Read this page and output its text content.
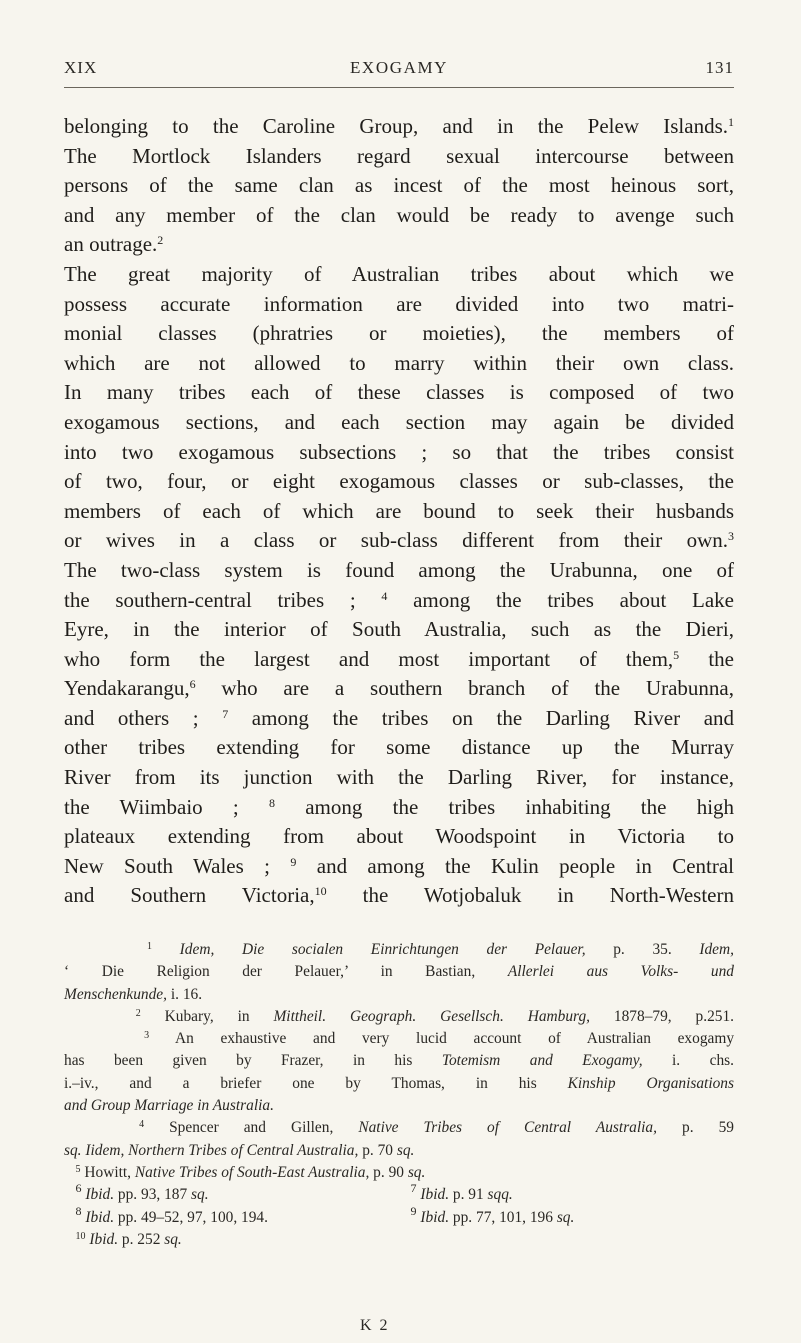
XIX	EXOGAMY	131
belonging to the Caroline Group, and in the Pelew Islands.$^1$
The Mortlock Islanders regard sexual intercourse between
persons of the same clan as incest of the most heinous sort,
and any member of the clan would be ready to avenge such
an outrage.$^2$
The great majority of Australian tribes about which we
possess accurate information are divided into two matri-
monial classes (phratries or moieties), the members of
which are not allowed to marry within their own class.
In many tribes each of these classes is composed of two
exogamous sections, and each section may again be divided
into two exogamous subsections ; so that the tribes consist
of two, four, or eight exogamous classes or sub-classes, the
members of each of which are bound to seek their husbands
or wives in a class or sub-class different from their own.$^3$
The two-class system is found among the Urabunna, one of
the southern-central tribes ; $^4$ among the tribes about Lake
Eyre, in the interior of South Australia, such as the Dieri,
who form the largest and most important of them,$^5$ the
Yendakarangu,$^6$ who are a southern branch of the Urabunna,
and others ; $^7$ among the tribes on the Darling River and
other tribes extending for some distance up the Murray
River from its junction with the Darling River, for instance,
the Wiimbaio ;	$^8$ among the tribes inhabiting the high
plateaux extending from about Woodspoint in Victoria to
New South Wales ; $^9$ and among the Kulin people in Central
and Southern Victoria,$^{10}$ the Wotjobaluk in North-Western
$^1$ Idem, Die socialen Einrichtungen der Pelauer, p. 35. Idem,
‘ Die Religion der Pelauer,’ in Bastian, Allerlei aus Volks- und
Menschenkunde, i. 16.
$^2$ Kubary, in Mittheil. Geograph. Gesellsch. Hamburg, 1878–79, p.251.
$^3$ An exhaustive and very lucid account of Australian exogamy
has been given by Frazer, in his Totemism and Exogamy, i. chs.
i.–iv., and a briefer one by Thomas, in his Kinship Organisations
and Group Marriage in Australia.
$^4$ Spencer and Gillen, Native Tribes of Central Australia, p. 59
sq. Iidem, Northern Tribes of Central Australia, p. 70 sq.
$^5$ Howitt, Native Tribes of South-East Australia, p. 90 sq.
$^6$ Ibid. pp. 93, 187 sq.	$^7$ Ibid. p. 91 sqq.
$^8$ Ibid. pp. 49–52, 97, 100, 194.	$^9$ Ibid. pp. 77, 101, 196 sq.
$^{10}$ Ibid. p. 252 sq.
K 2
